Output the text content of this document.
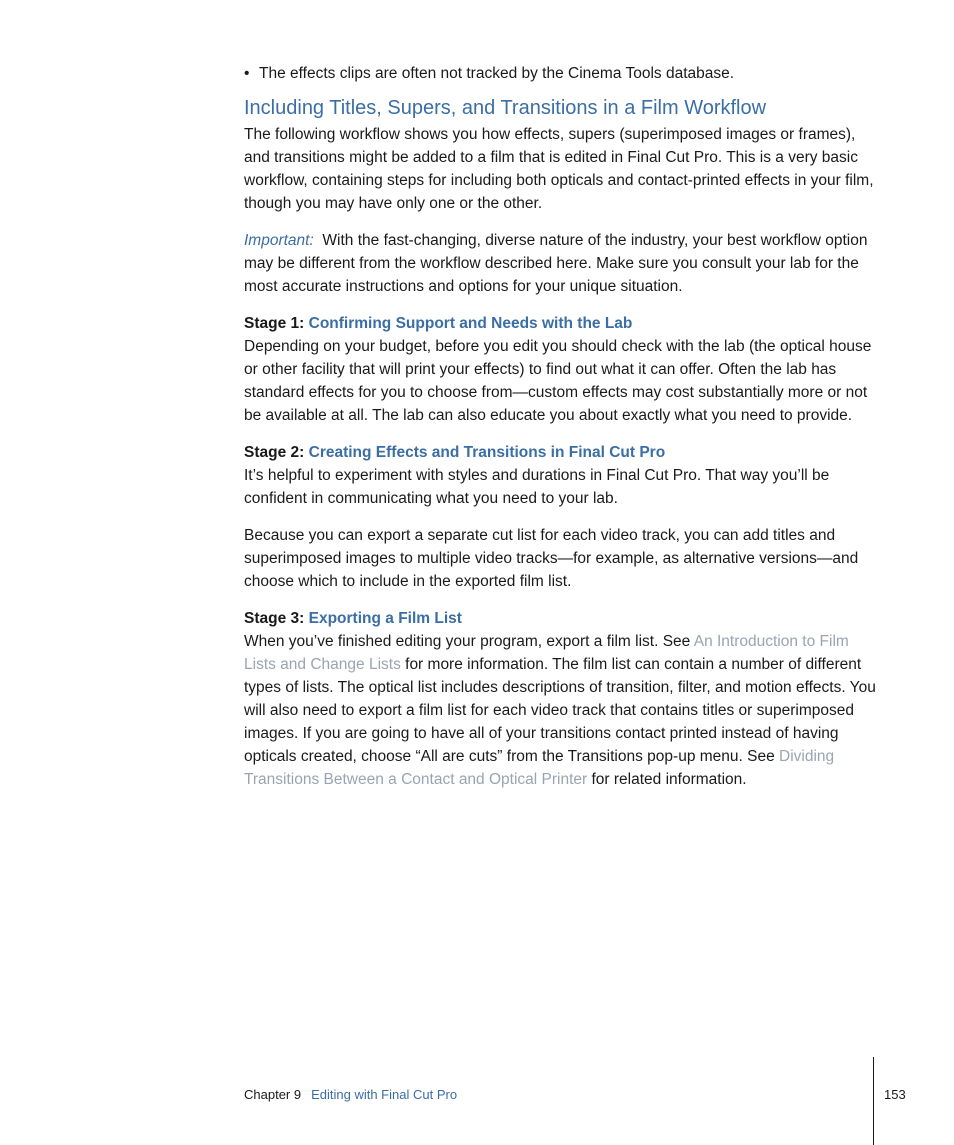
• The effects clips are often not tracked by the Cinema Tools database.
Including Titles, Supers, and Transitions in a Film Workflow

The following workflow shows you how effects, supers (superimposed images or frames), and transitions might be added to a film that is edited in Final Cut Pro. This is a very basic workflow, containing steps for including both opticals and contact-printed effects in your film, though you may have only one or the other.

Important: With the fast-changing, diverse nature of the industry, your best workflow option may be different from the workflow described here. Make sure you consult your lab for the most accurate instructions and options for your unique situation.

Stage 1: Confirming Support and Needs with the Lab

Depending on your budget, before you edit you should check with the lab (the optical house or other facility that will print your effects) to find out what it can offer. Often the lab has standard effects for you to choose from—custom effects may cost substantially more or not be available at all. The lab can also educate you about exactly what you need to provide.

Stage 2: Creating Effects and Transitions in Final Cut Pro

It’s helpful to experiment with styles and durations in Final Cut Pro. That way you’ll be confident in communicating what you need to your lab.

Because you can export a separate cut list for each video track, you can add titles and superimposed images to multiple video tracks—for example, as alternative versions—and choose which to include in the exported film list.

Stage 3: Exporting a Film List

When you’ve finished editing your program, export a film list. See An Introduction to Film Lists and Change Lists for more information. The film list can contain a number of different types of lists. The optical list includes descriptions of transition, filter, and motion effects. You will also need to export a film list for each video track that contains titles or superimposed images. If you are going to have all of your transitions contact printed instead of having opticals created, choose “All are cuts” from the Transitions pop-up menu. See Dividing Transitions Between a Contact and Optical Printer for related information.

Chapter 9 Editing with Final Cut Pro	153
